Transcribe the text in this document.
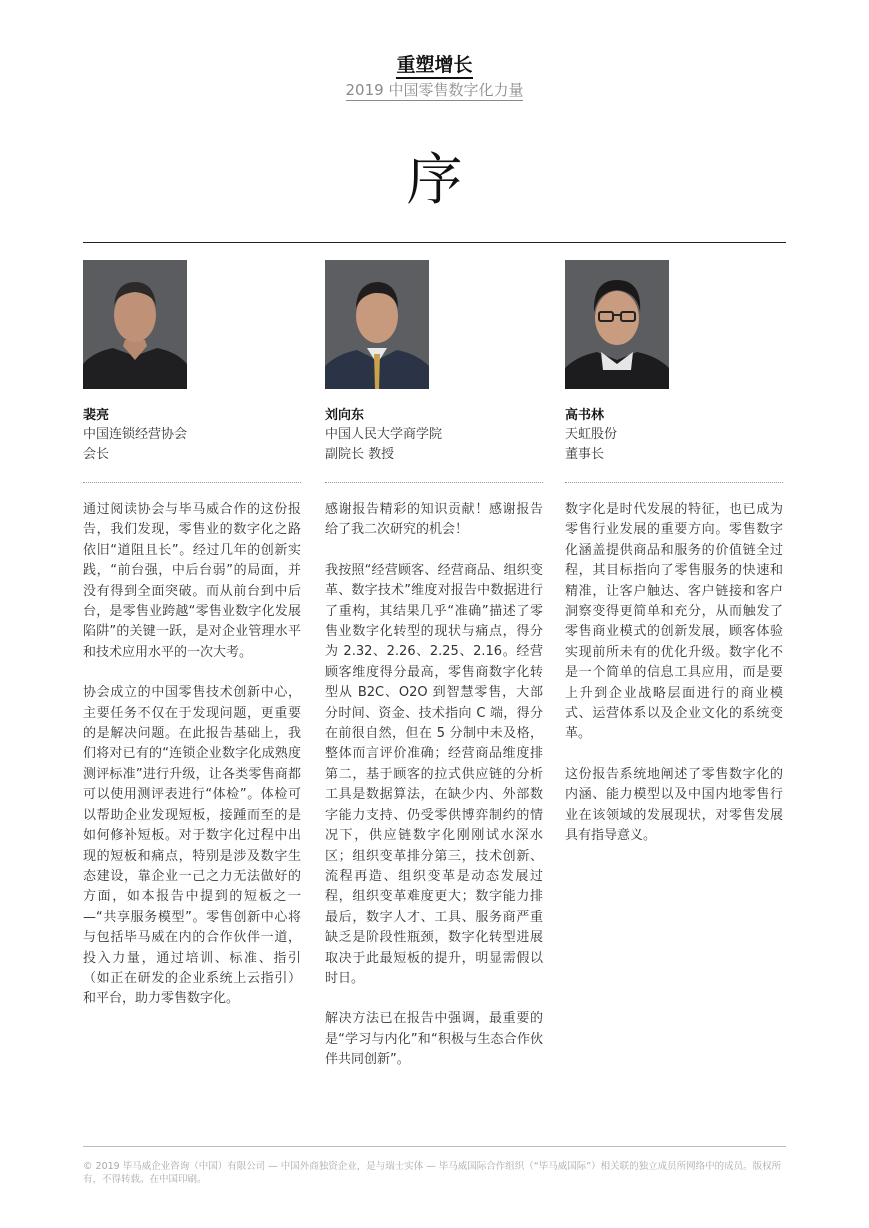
重塑增长
2019 中国零售数字化力量
序
裴亮
中国连锁经营协会
会长

通过阅读协会与毕马威合作的这份报告，我们发现，零售业的数字化之路依旧“道阻且长”。经过几年的创新实践，“前台强，中后台弱”的局面，并没有得到全面突破。而从前台到中后台，是零售业跨越“零售业数字化发展陷阱”的关键一跃，是对企业管理水平和技术应用水平的一次大考。

协会成立的中国零售技术创新中心，主要任务不仅在于发现问题，更重要的是解决问题。在此报告基础上，我们将对已有的“连锁企业数字化成熟度测评标准”进行升级，让各类零售商都可以使用测评表进行“体检”。体检可以帮助企业发现短板，接踵而至的是如何修补短板。对于数字化过程中出现的短板和痛点，特别是涉及数字生态建设，靠企业一己之力无法做好的方面，如本报告中提到的短板之一—“共享服务模型”。零售创新中心将与包括毕马威在内的合作伙伴一道，投入力量，通过培训、标准、指引（如正在研发的企业系统上云指引）和平台，助力零售数字化。

刘向东
中国人民大学商学院
副院长 教授

感谢报告精彩的知识贡献！感谢报告给了我二次研究的机会！

我按照“经营顾客、经营商品、组织变革、数字技术”维度对报告中数据进行了重构，其结果几乎“准确”描述了零售业数字化转型的现状与痛点，得分为 2.32、2.26、2.25、2.16。经营顾客维度得分最高，零售商数字化转型从 B2C、O2O 到智慧零售，大部分时间、资金、技术指向 C 端，得分在前很自然，但在 5 分制中未及格，整体而言评价准确；经营商品维度排第二，基于顾客的拉式供应链的分析工具是数据算法，在缺少内、外部数字能力支持、仍受零供博弈制约的情况下，供应链数字化刚刚试水深水区；组织变革排分第三，技术创新、流程再造、组织变革是动态发展过程，组织变革难度更大；数字能力排最后，数字人才、工具、服务商严重缺乏是阶段性瓶颈，数字化转型进展取决于此最短板的提升，明显需假以时日。

解决方法已在报告中强调，最重要的是“学习与内化”和“积极与生态合作伙伴共同创新”。

高书林
天虹股份
董事长

数字化是时代发展的特征，也已成为零售行业发展的重要方向。零售数字化涵盖提供商品和服务的价值链全过程，其目标指向了零售服务的快速和精准，让客户触达、客户链接和客户洞察变得更简单和充分，从而触发了零售商业模式的创新发展，顾客体验实现前所未有的优化升级。数字化不是一个简单的信息工具应用，而是要上升到企业战略层面进行的商业模式、运营体系以及企业文化的系统变革。

这份报告系统地阐述了零售数字化的内涵、能力模型以及中国内地零售行业在该领域的发展现状，对零售发展具有指导意义。

© 2019 毕马威企业咨询（中国）有限公司 — 中国外商独资企业，是与瑞士实体 — 毕马威国际合作组织（“毕马威国际”）相关联的独立成员所网络中的成员。版权所有，不得转载。在中国印刷。
